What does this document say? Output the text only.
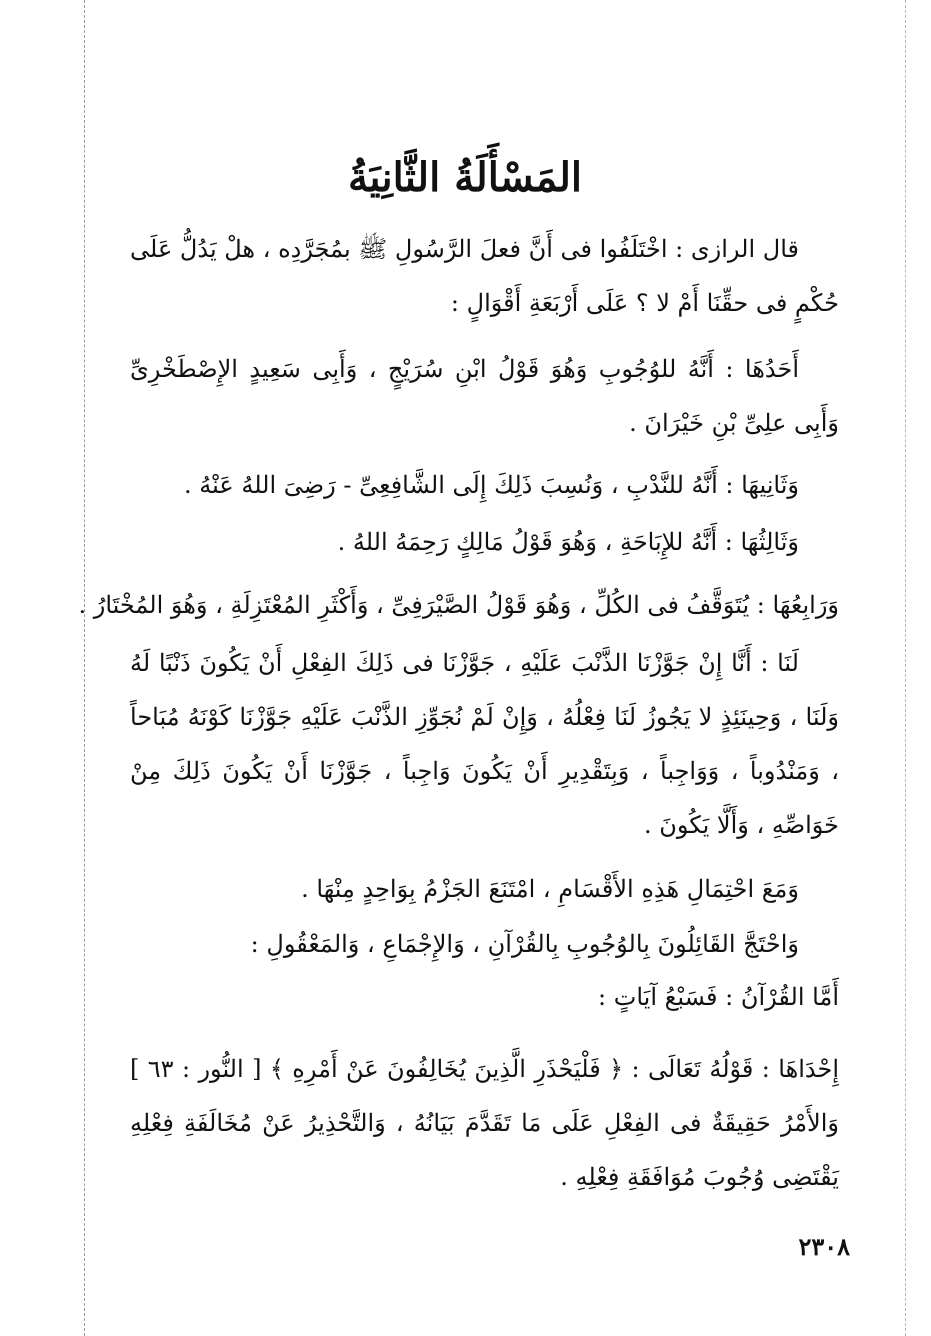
المَسْأَلَةُ الثَّانِيَةُ

قال الرازى : اخْتَلَفُوا فى أَنَّ فعلَ الرَّسُولِ ﷺ بمُجَرَّدِه ، هلْ يَدُلُّ عَلَى حُكْمٍ فى حقِّنَا أَمْ لا ؟ عَلَى أَرْبَعَةِ أَقْوَالٍ :

أَحَدُهَا : أَنَّهُ للوُجُوبِ وَهُوَ قَوْلُ ابْنِ سُرَيْجٍ ، وَأَبِى سَعِيدٍ الإِصْطَخْرِىِّ وَأَبِى علِىِّ بْنِ خَيْرَانَ .

وَثَانِيهَا : أَنَّهُ للنَّدْبِ ، وَنُسِبَ ذَلِكَ إِلَى الشَّافِعِىِّ - رَضِىَ اللهُ عَنْهُ .
وَثَالِثُهَا : أَنَّهُ للإِبَاحَةِ ، وَهُوَ قَوْلُ مَالِكٍ رَحِمَهُ اللهُ .
وَرَابِعُهَا : يُتَوَقَّفُ فى الكُلِّ ، وَهُوَ قَوْلُ الصَّيْرَفِىِّ ، وَأَكْثَرِ المُعْتَزِلَةِ ، وَهُوَ المُخْتَارُ .

لَنَا : أَنَّا إِنْ جَوَّزْنَا الذَّنْبَ عَلَيْهِ ، جَوَّزْنَا فى ذَلِكَ الفِعْلِ أَنْ يَكُونَ ذَنْبًا لَهُ وَلَنَا ، وَحِينَئِذٍ لا يَجُوزُ لَنَا فِعْلُهُ ، وَإِنْ لَمْ نُجَوِّزِ الذَّنْبَ عَلَيْهِ جَوَّزْنَا كَوْنَهُ مُبَاحاً ، وَمَنْدُوباً ، وَوَاجِباً ، وَبِتَقْدِيرِ أَنْ يَكُونَ وَاجِباً ، جَوَّزْنَا أَنْ يَكُونَ ذَلِكَ مِنْ خَوَاصِّهِ ، وَأَلَّا يَكُونَ .

وَمَعَ احْتِمَالِ هَذِهِ الأَقْسَامِ ، امْتَنَعَ الجَزْمُ بِوَاحِدٍ مِنْهَا .
وَاحْتَجَّ القَائِلُونَ بِالوُجُوبِ بِالقُرْآنِ ، وَالإِجْمَاعِ ، وَالمَعْقُولِ :
أَمَّا القُرْآنُ : فَسَبْعُ آيَاتٍ :

إِحْدَاهَا : قَوْلُهُ تَعَالَى : ﴿ فَلْيَحْذَرِ الَّذِينَ يُخَالِفُونَ عَنْ أَمْرِهِ ﴾ [ النُّور : ٦٣ ] وَالأَمْرُ حَقِيقَةٌ فى الفِعْلِ عَلَى مَا تَقَدَّمَ بَيَانُهُ ، وَالتَّحْذِيرُ عَنْ مُخَالَفَةِ فِعْلِهِ يَقْتَضِى وُجُوبَ مُوَافَقَةِ فِعْلِهِ .

٢٣٠٨
